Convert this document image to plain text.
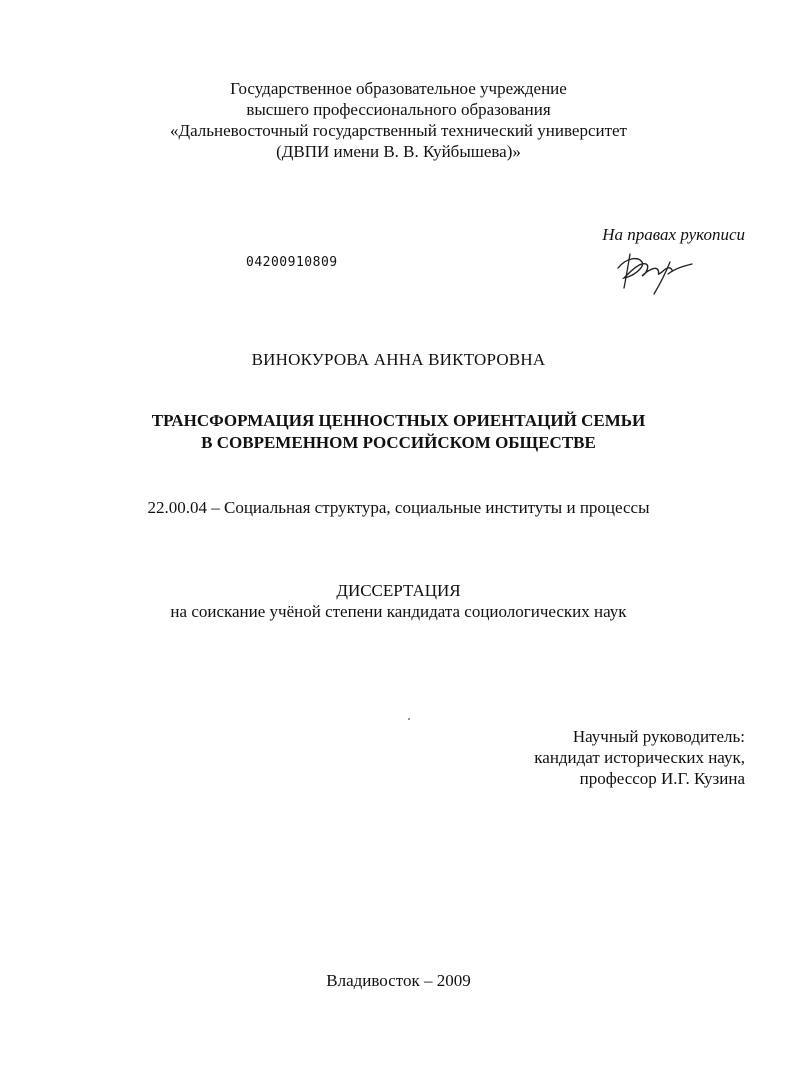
Государственное образовательное учреждение
высшего профессионального образования
«Дальневосточный государственный технический университет
(ДВПИ имени В. В. Куйбышева)»
На правах рукописи
04200910809
ВИНОКУРОВА АННА ВИКТОРОВНА
ТРАНСФОРМАЦИЯ ЦЕННОСТНЫХ ОРИЕНТАЦИЙ СЕМЬИ
В СОВРЕМЕННОМ РОССИЙСКОМ ОБЩЕСТВЕ
22.00.04 – Социальная структура, социальные институты и процессы
ДИССЕРТАЦИЯ
на соискание учёной степени кандидата социологических наук
Научный руководитель:
кандидат исторических наук,
профессор И.Г. Кузина
Владивосток – 2009
